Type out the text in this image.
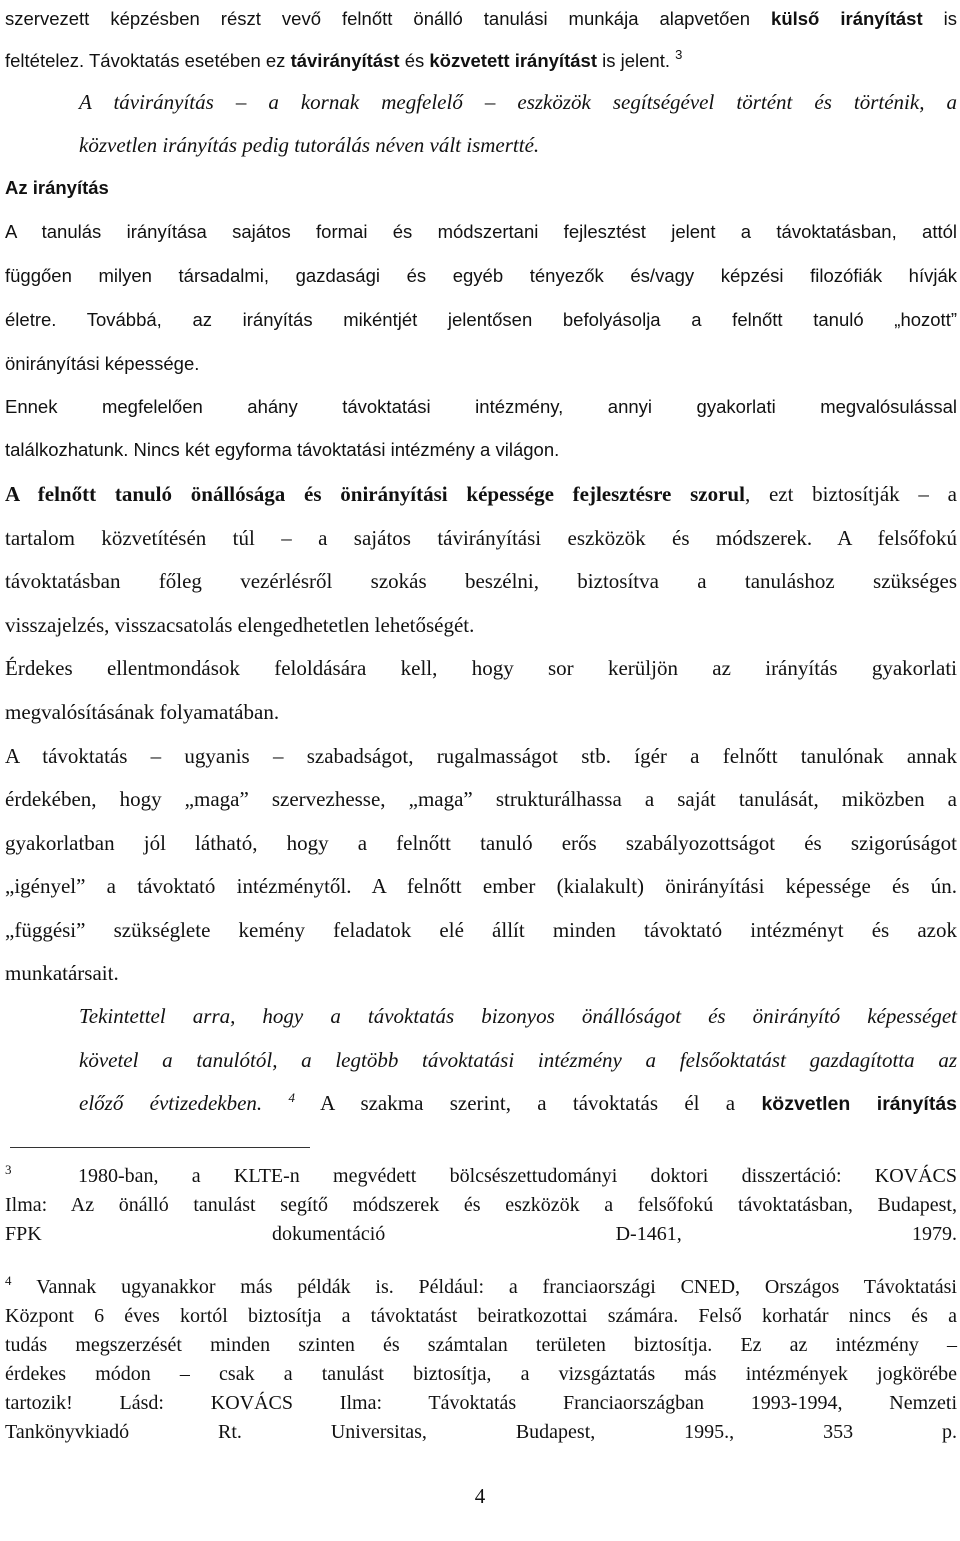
szervezett képzésben részt vevő felnőtt önálló tanulási munkája alapvetően külső irányítást is
feltételez. Távoktatás esetében ez távirányítást és közvetett irányítást is jelent. $^3$
A távirányítás – a kornak megfelelő – eszközök segítségével történt és történik, a
közvetlen irányítás pedig tutorálás néven vált ismertté.
Az irányítás
A tanulás irányítása sajátos formai és módszertani fejlesztést jelent a távoktatásban, attól
függően milyen társadalmi, gazdasági és egyéb tényezők és/vagy képzési filozófiák hívják
életre. Továbbá, az irányítás mikéntjét jelentősen befolyásolja a felnőtt tanuló „hozott”
önirányítási képessége.
Ennek megfelelően ahány távoktatási intézmény, annyi gyakorlati megvalósulással
találkozhatunk. Nincs két egyforma távoktatási intézmény a világon.
A felnőtt tanuló önállósága és önirányítási képessége fejlesztésre szorul, ezt biztosítják – a
tartalom közvetítésén túl – a sajátos távirányítási eszközök és módszerek. A felsőfokú
távoktatásban főleg vezérlésről szokás beszélni, biztosítva a tanuláshoz szükséges
visszajelzés, visszacsatolás elengedhetetlen lehetőségét.
Érdekes ellentmondások feloldására kell, hogy sor kerüljön az irányítás gyakorlati
megvalósításának folyamatában.
A távoktatás – ugyanis – szabadságot, rugalmasságot stb. ígér a felnőtt tanulónak annak
érdekében, hogy „maga” szervezhesse, „maga” strukturálhassa a saját tanulását, miközben a
gyakorlatban jól látható, hogy a felnőtt tanuló erős szabályozottságot és szigorúságot
„igényel” a távoktató intézménytől. A felnőtt ember (kialakult) önirányítási képessége és ún.
„függési” szükséglete kemény feladatok elé állít minden távoktató intézményt és azok
munkatársait.
Tekintettel arra, hogy a távoktatás bizonyos önállóságot és önirányító képességet
követel a tanulótól, a legtöbb távoktatási intézmény a felsőoktatást gazdagította az
előző évtizedekben. $^4$ A szakma szerint, a távoktatás él a közvetlen irányítás
$^3$	1980-ban, a KLTE-n megvédett bölcsészettudományi doktori disszertáció: KOVÁCS
Ilma: Az önálló tanulást segítő módszerek és eszközök a felsőfokú távoktatásban, Budapest,
FPK dokumentáció D-1461, 1979.
$^4$ Vannak ugyanakkor más példák is. Például: a franciaországi CNED, Országos Távoktatási
Központ 6 éves kortól biztosítja a távoktatást beiratkozottai számára. Felső korhatár nincs és a
tudás megszerzését minden szinten és számtalan területen biztosítja. Ez az intézmény –
érdekes módon – csak a tanulást biztosítja, a vizsgáztatás más intézmények jogkörébe
tartozik! Lásd: KOVÁCS Ilma: Távoktatás Franciaországban 1993-1994, Nemzeti
Tankönyvkiadó Rt. Universitas, Budapest, 1995., 353 p.
4
